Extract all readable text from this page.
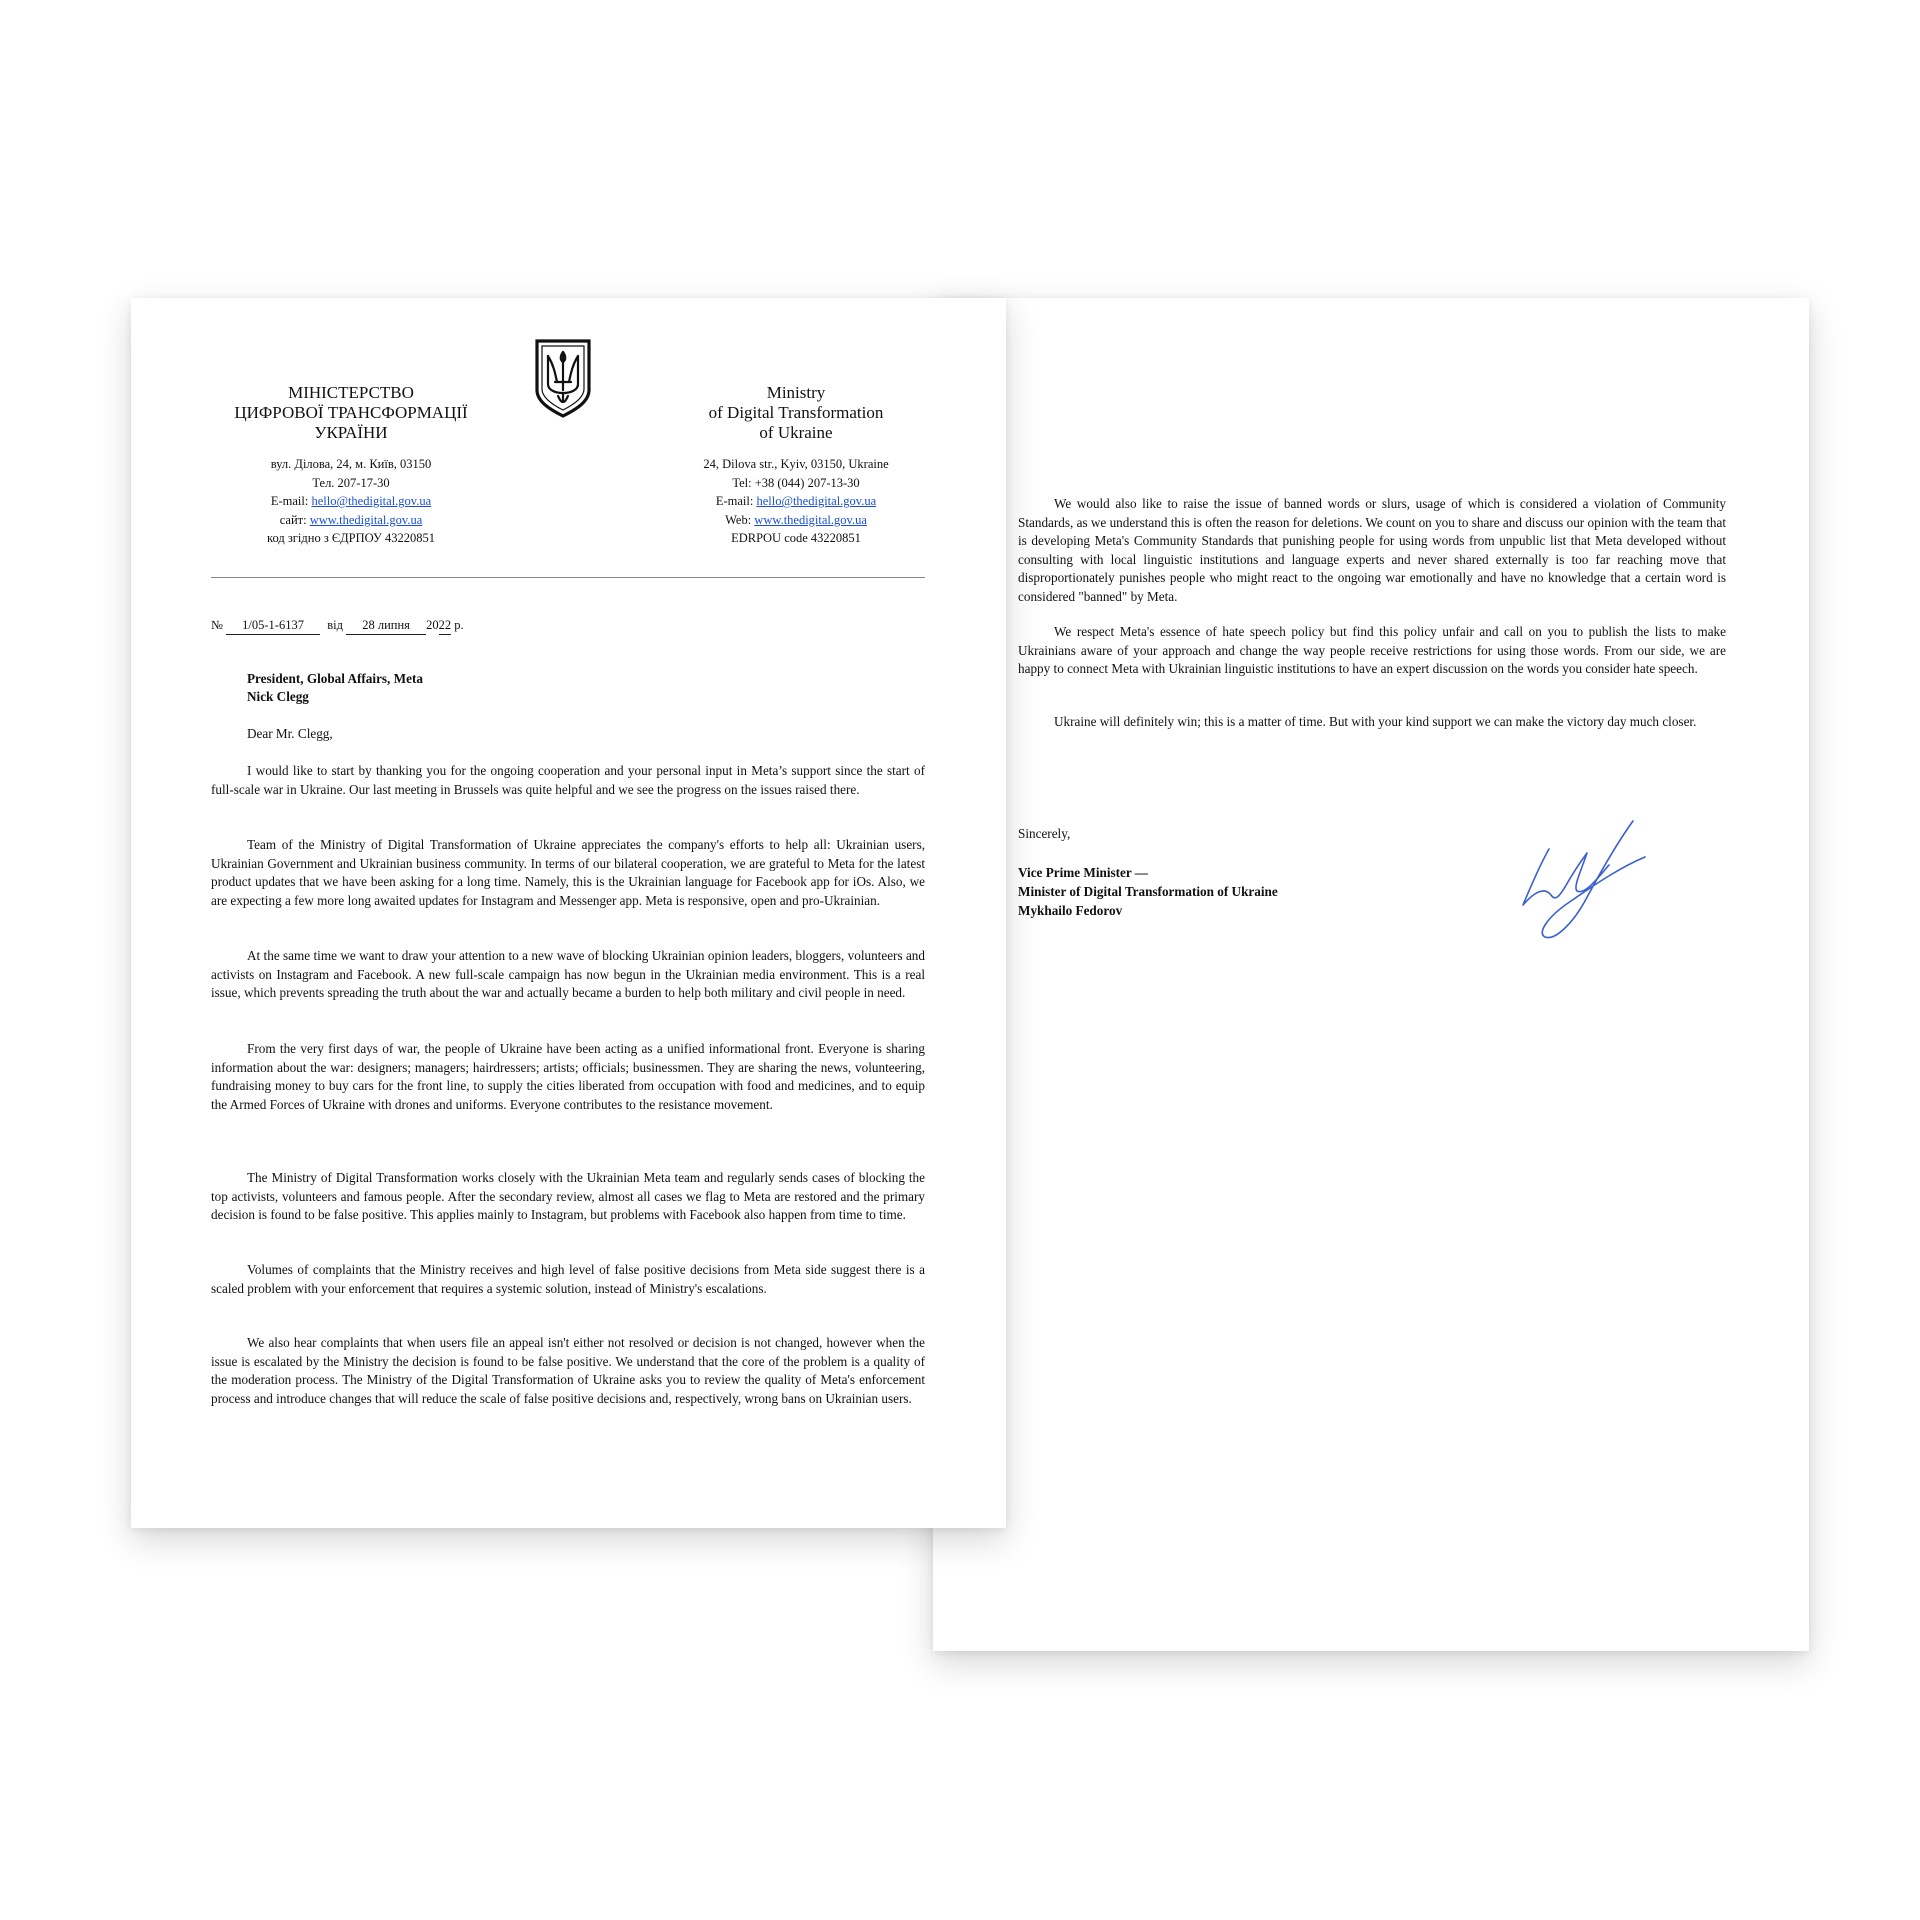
We would also like to raise the issue of banned words or slurs, usage of which is considered a violation of Community Standards, as we understand this is often the reason for deletions. We count on you to share and discuss our opinion with the team that is developing Meta's Community Standards that punishing people for using words from unpublic list that Meta developed without consulting with local linguistic institutions and language experts and never shared externally is too far reaching move that disproportionately punishes people who might react to the ongoing war emotionally and have no knowledge that a certain word is considered "banned" by Meta.
We respect Meta's essence of hate speech policy but find this policy unfair and call on you to publish the lists to make Ukrainians aware of your approach and change the way people receive restrictions for using those words. From our side, we are happy to connect Meta with Ukrainian linguistic institutions to have an expert discussion on the words you consider hate speech.
Ukraine will definitely win; this is a matter of time. But with your kind support we can make the victory day much closer.
Sincerely,
Vice Prime Minister —
Minister of Digital Transformation of Ukraine
Mykhailo Fedorov
МІНІСТЕРСТВО
ЦИФРОВОЇ ТРАНСФОРМАЦІЇ
УКРАЇНИ
вул. Ділова, 24, м. Київ, 03150
Тел. 207-17-30
E-mail: hello@thedigital.gov.ua
сайт: www.thedigital.gov.ua
код згідно з ЄДРПОУ 43220851
Ministry
of Digital Transformation
of Ukraine
24, Dilova str., Kyiv, 03150, Ukraine
Tel: +38 (044) 207-13-30
E-mail: hello@thedigital.gov.ua
Web: www.thedigital.gov.ua
EDRPOU code 43220851
№ 1/05-1-6137 від 28 липня 2022 р.
President, Global Affairs, Meta
Nick Clegg
Dear Mr. Clegg,
I would like to start by thanking you for the ongoing cooperation and your personal input in Meta’s support since the start of full-scale war in Ukraine. Our last meeting in Brussels was quite helpful and we see the progress on the issues raised there.
Team of the Ministry of Digital Transformation of Ukraine appreciates the company's efforts to help all: Ukrainian users, Ukrainian Government and Ukrainian business community. In terms of our bilateral cooperation, we are grateful to Meta for the latest product updates that we have been asking for a long time. Namely, this is the Ukrainian language for Facebook app for iOs. Also, we are expecting a few more long awaited updates for Instagram and Messenger app. Meta is responsive, open and pro-Ukrainian.
At the same time we want to draw your attention to a new wave of blocking Ukrainian opinion leaders, bloggers, volunteers and activists on Instagram and Facebook. A new full-scale campaign has now begun in the Ukrainian media environment. This is a real issue, which prevents spreading the truth about the war and actually became a burden to help both military and civil people in need.
From the very first days of war, the people of Ukraine have been acting as a unified informational front. Everyone is sharing information about the war: designers; managers; hairdressers; artists; officials; businessmen. They are sharing the news, volunteering, fundraising money to buy cars for the front line, to supply the cities liberated from occupation with food and medicines, and to equip the Armed Forces of Ukraine with drones and uniforms. Everyone contributes to the resistance movement.
The Ministry of Digital Transformation works closely with the Ukrainian Meta team and regularly sends cases of blocking the top activists, volunteers and famous people. After the secondary review, almost all cases we flag to Meta are restored and the primary decision is found to be false positive. This applies mainly to Instagram, but problems with Facebook also happen from time to time.
Volumes of complaints that the Ministry receives and high level of false positive decisions from Meta side suggest there is a scaled problem with your enforcement that requires a systemic solution, instead of Ministry's escalations.
We also hear complaints that when users file an appeal isn't either not resolved or decision is not changed, however when the issue is escalated by the Ministry the decision is found to be false positive. We understand that the core of the problem is a quality of the moderation process. The Ministry of the Digital Transformation of Ukraine asks you to review the quality of Meta's enforcement process and introduce changes that will reduce the scale of false positive decisions and, respectively, wrong bans on Ukrainian users.
